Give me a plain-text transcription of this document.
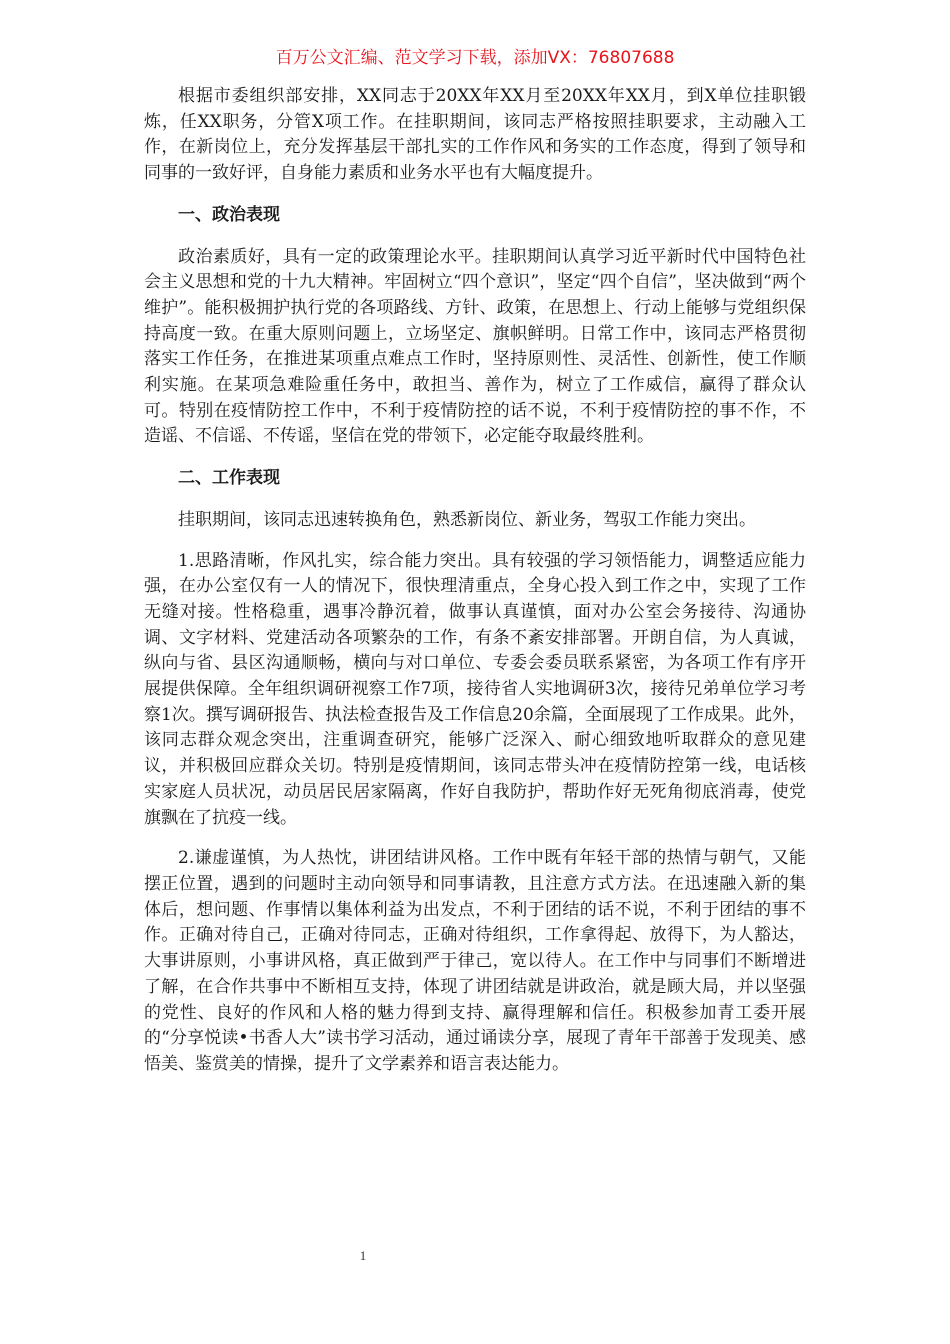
百万公文汇编、范文学习下载，添加VX：76807688

根据市委组织部安排，XX同志于20XX年XX月至20XX年XX月，到X单位挂职锻炼，任XX职务，分管X项工作。在挂职期间，该同志严格按照挂职要求，主动融入工作，在新岗位上，充分发挥基层干部扎实的工作作风和务实的工作态度，得到了领导和同事的一致好评，自身能力素质和业务水平也有大幅度提升。

一、政治表现

政治素质好，具有一定的政策理论水平。挂职期间认真学习近平新时代中国特色社会主义思想和党的十九大精神。牢固树立“四个意识”，坚定“四个自信”，坚决做到“两个维护”。能积极拥护执行党的各项路线、方针、政策，在思想上、行动上能够与党组织保持高度一致。在重大原则问题上，立场坚定、旗帜鲜明。日常工作中，该同志严格贯彻落实工作任务，在推进某项重点难点工作时，坚持原则性、灵活性、创新性，使工作顺利实施。在某项急难险重任务中，敢担当、善作为，树立了工作威信，赢得了群众认可。特别在疫情防控工作中，不利于疫情防控的话不说，不利于疫情防控的事不作，不造谣、不信谣、不传谣，坚信在党的带领下，必定能夺取最终胜利。

二、工作表现

挂职期间，该同志迅速转换角色，熟悉新岗位、新业务，驾驭工作能力突出。

1.思路清晰，作风扎实，综合能力突出。具有较强的学习领悟能力，调整适应能力强，在办公室仅有一人的情况下，很快理清重点，全身心投入到工作之中，实现了工作无缝对接。性格稳重，遇事冷静沉着，做事认真谨慎，面对办公室会务接待、沟通协调、文字材料、党建活动各项繁杂的工作，有条不紊安排部署。开朗自信，为人真诚，纵向与省、县区沟通顺畅，横向与对口单位、专委会委员联系紧密，为各项工作有序开展提供保障。全年组织调研视察工作7项，接待省人实地调研3次，接待兄弟单位学习考察1次。撰写调研报告、执法检查报告及工作信息20余篇，全面展现了工作成果。此外，该同志群众观念突出，注重调查研究，能够广泛深入、耐心细致地听取群众的意见建议，并积极回应群众关切。特别是疫情期间，该同志带头冲在疫情防控第一线，电话核实家庭人员状况，动员居民居家隔离，作好自我防护，帮助作好无死角彻底消毒，使党旗飘在了抗疫一线。

2.谦虚谨慎，为人热忱，讲团结讲风格。工作中既有年轻干部的热情与朝气，又能摆正位置，遇到的问题时主动向领导和同事请教，且注意方式方法。在迅速融入新的集体后，想问题、作事情以集体利益为出发点，不利于团结的话不说，不利于团结的事不作。正确对待自己，正确对待同志，正确对待组织，工作拿得起、放得下，为人豁达，大事讲原则，小事讲风格，真正做到严于律己，宽以待人。在工作中与同事们不断增进了解，在合作共事中不断相互支持，体现了讲团结就是讲政治，就是顾大局，并以坚强的党性、良好的作风和人格的魅力得到支持、赢得理解和信任。积极参加青工委开展的“分享悦读•书香人大”读书学习活动，通过诵读分享，展现了青年干部善于发现美、感悟美、鉴赏美的情操，提升了文学素养和语言表达能力。

1
